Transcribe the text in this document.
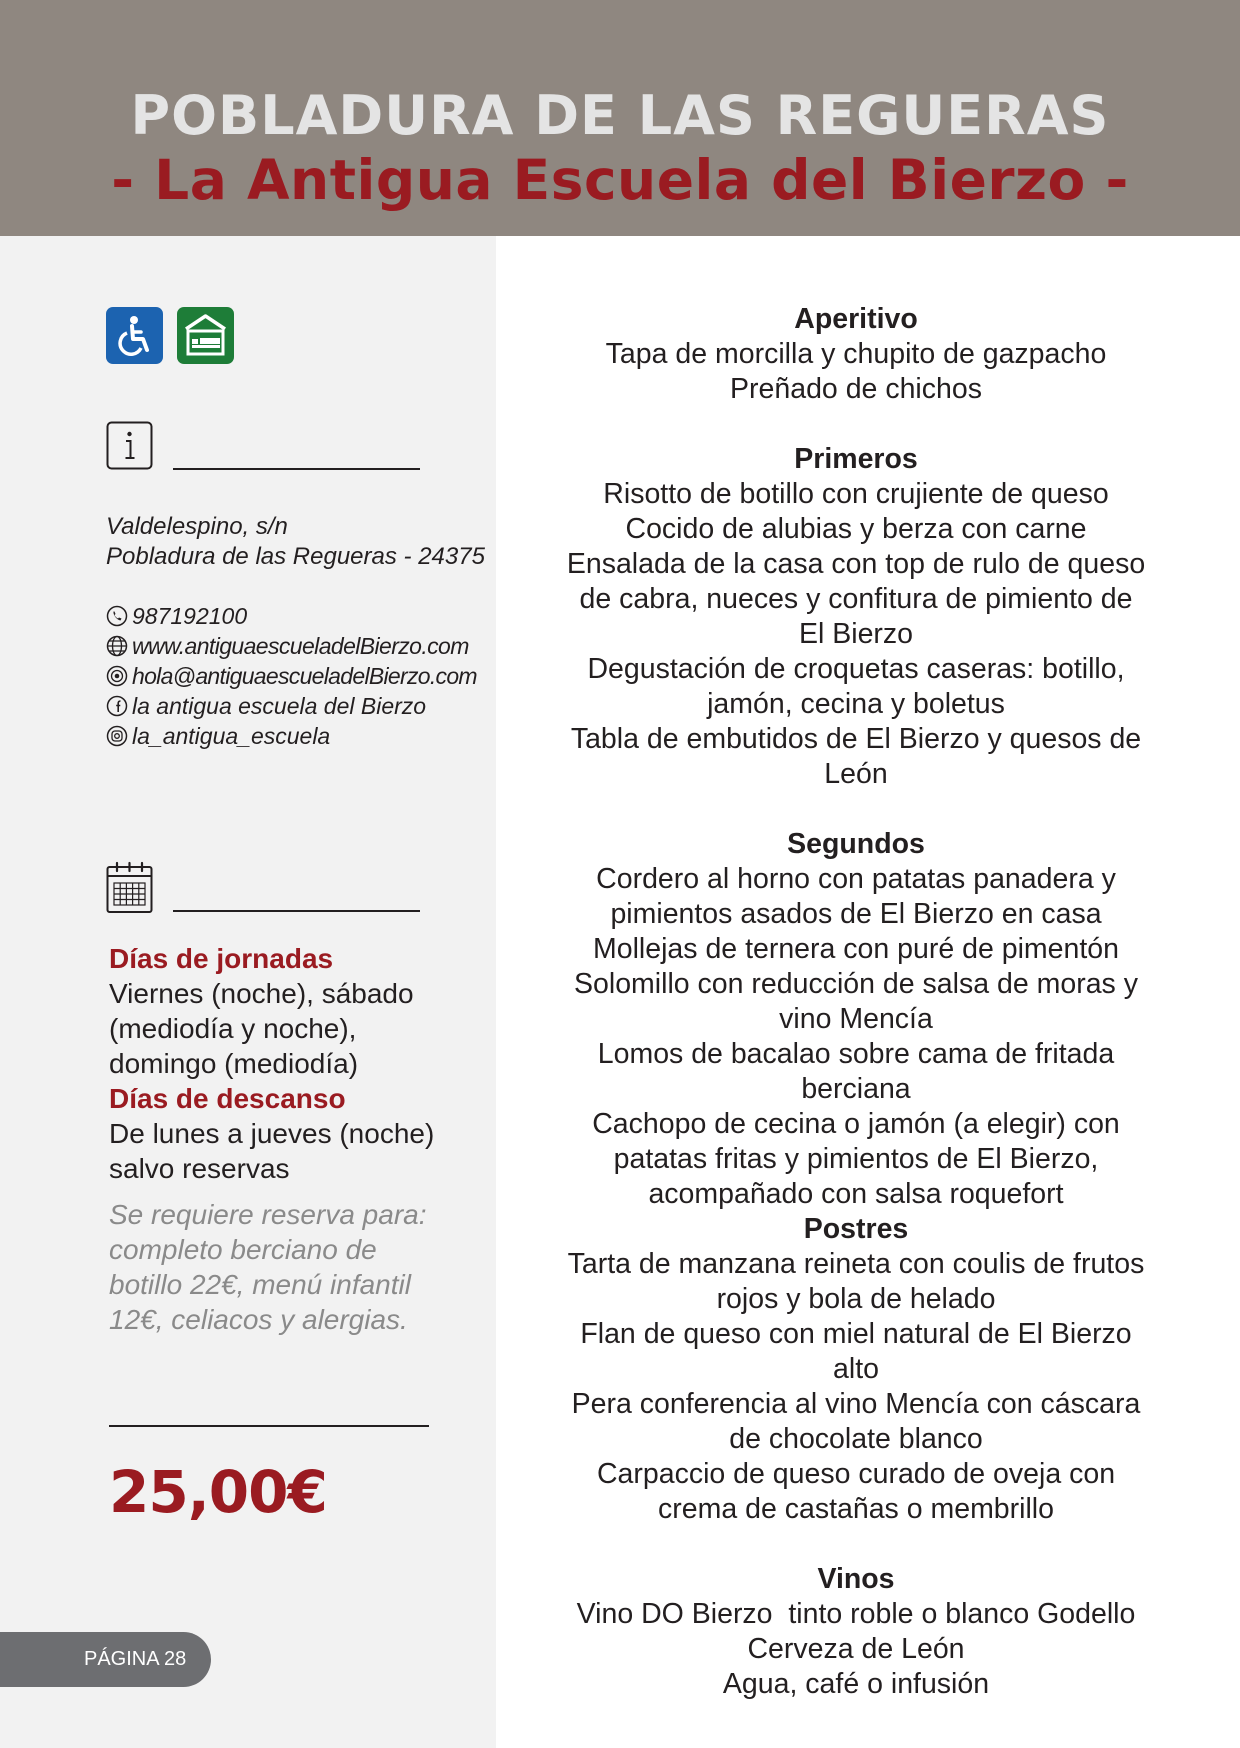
POBLADURA DE LAS REGUERAS
- La Antigua Escuela del Bierzo -
Valdelespino, s/n
Pobladura de las Regueras - 24375
987192100
www.antiguaescueladelBierzo.com
hola@antiguaescueladelBierzo.com
la antigua escuela del Bierzo
la_antigua_escuela
Días de jornadas
Viernes (noche), sábado
(mediodía y noche),
domingo (mediodía)
Días de descanso
De lunes a jueves (noche)
salvo reservas
Se requiere reserva para:
completo berciano de
botillo 22€, menú infantil
12€, celiacos y alergias.
25,00€
PÁGINA 28
Aperitivo
Tapa de morcilla y chupito de gazpacho
Preñado de chichos
Primeros
Risotto de botillo con crujiente de queso
Cocido de alubias y berza con carne
Ensalada de la casa con top de rulo de queso
de cabra, nueces y confitura de pimiento de
El Bierzo
Degustación de croquetas caseras: botillo,
jamón, cecina y boletus
Tabla de embutidos de El Bierzo y quesos de
León
Segundos
Cordero al horno con patatas panadera y
pimientos asados de El Bierzo en casa
Mollejas de ternera con puré de pimentón
Solomillo con reducción de salsa de moras y
vino Mencía
Lomos de bacalao sobre cama de fritada
berciana
Cachopo de cecina o jamón (a elegir) con
patatas fritas y pimientos de El Bierzo,
acompañado con salsa roquefort
Postres
Tarta de manzana reineta con coulis de frutos
rojos y bola de helado
Flan de queso con miel natural de El Bierzo
alto
Pera conferencia al vino Mencía con cáscara
de chocolate blanco
Carpaccio de queso curado de oveja con
crema de castañas o membrillo
Vinos
Vino DO Bierzo  tinto roble o blanco Godello
Cerveza de León
Agua, café o infusión
